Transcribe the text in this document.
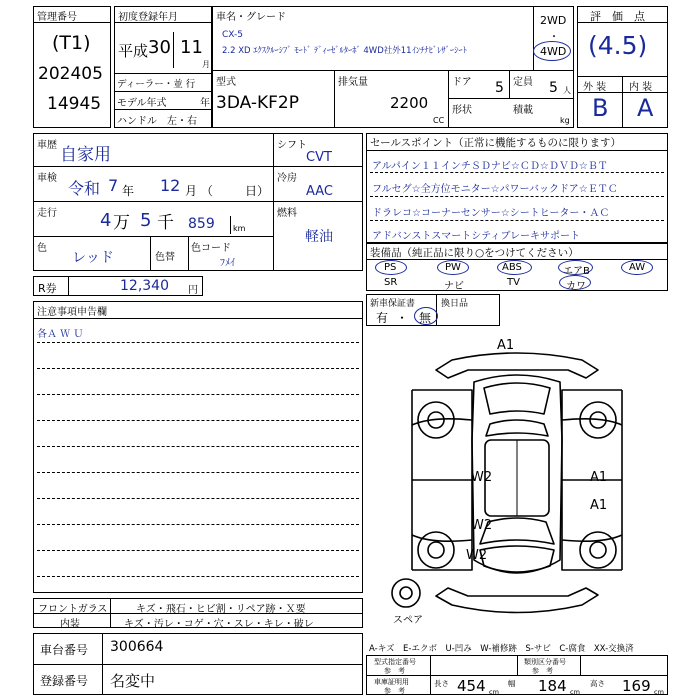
管理番号
(T1)
202405
14945
初度登録年月
平成 30 11
月
ディーラー・並 行
モデル年式	年
ハンドル　左・右
車名・グレード
CX-5
2.2 XD ｴｸｽｸﾙｰｼﾌﾞ ﾓｰﾄﾞ ﾃﾞｨｰｾﾞﾙﾀｰﾎﾞ 4WD社外11ｲﾝﾁﾅﾋﾞﾚｻﾞｰｼｰﾄ
2WD
・
4WD
型式
3DA-KF2P
排気量
2200
CC
ドア 5 定員 5 人
形状	積載
kg
評　価　点
(4.5)
外 装 内 装
B A
車歴 自家用
車検
令和 7 年 12 月 （	日）
走行 4 万 5 千 859 km
色
レッド	色替
色コード
ﾌﾒｲ
シフト
CVT
冷房
AAC
燃料
軽油
セールスポイント（正常に機能するものに限ります）
アルパイン１１インチＳＤナビ☆ＣＤ☆ＤＶＤ☆ＢＴ
フルセグ☆全方位モニター☆パワーバックドア☆ＥＴＣ
ドラレコ☆コーナーセンサー☆シートヒーター・ＡＣ
アドバンストスマートシティブレーキサポート
装備品（純正品に限り○をつけてください）
PS	PW	ABS	エアB	AW
SR	ナビ	TV	カワ
R券	12,340 円
新車保証書
有 ・ 無
換日品
注意事項申告欄
各Ａ Ｗ Ｕ
A1
W2	A1
A1
W2
W2
スペア
フロントガラス	キズ・飛石・ヒビ割・リペア跡・Ｘ要
内装	キズ・汚レ・コゲ・穴・スレ・キレ・破レ
車台番号 300664
登録番号 名変中
A-キズ　E-エクボ　U-凹み　W-補修跡　S-サビ　C-腐食　XX-交換済
型式指定番号
参　考
類別区分番号
参　考
車庫証明用
参　考
長さ 454 cm
幅 184 cm
高さ 169 cm
